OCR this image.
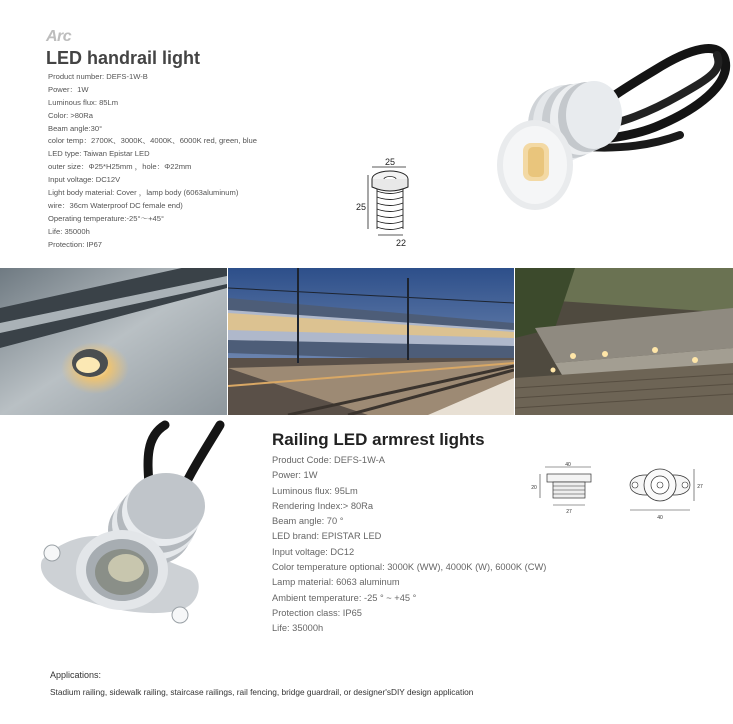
Arc
LED handrail light
Product number: DEFS-1W-B
Power：1W
Luminous flux: 85Lm
Color: >80Ra
Beam angle:30°
color temp：2700K、3000K、4000K、6000K red, green, blue
LED type: Taiwan Epistar LED
outer size：Φ25*H25mm ，hole：Φ22mm
Input voltage: DC12V
Light body material: Cover ，lamp body (6063aluminum)
wire：36cm Waterproof DC female end)
Operating temperature:-25°～+45°
Life: 35000h
Protection: IP67
25
25
22
Railing LED armrest lights
Product Code: DEFS-1W-A
Power: 1W
Luminous flux: 95Lm
Rendering Index:> 80Ra
Beam angle: 70 °
LED brand: EPISTAR LED
Input voltage: DC12
Color temperature optional: 3000K (WW), 4000K (W), 6000K (CW)
Lamp material: 6063 aluminum
Ambient temperature: -25 ° ~ +45 °
Protection class: IP65
Life: 35000h
40
20
27
27
40
Applications:
Stadium railing, sidewalk railing, staircase railings, rail fencing, bridge guardrail, or designer'sDIY design application
